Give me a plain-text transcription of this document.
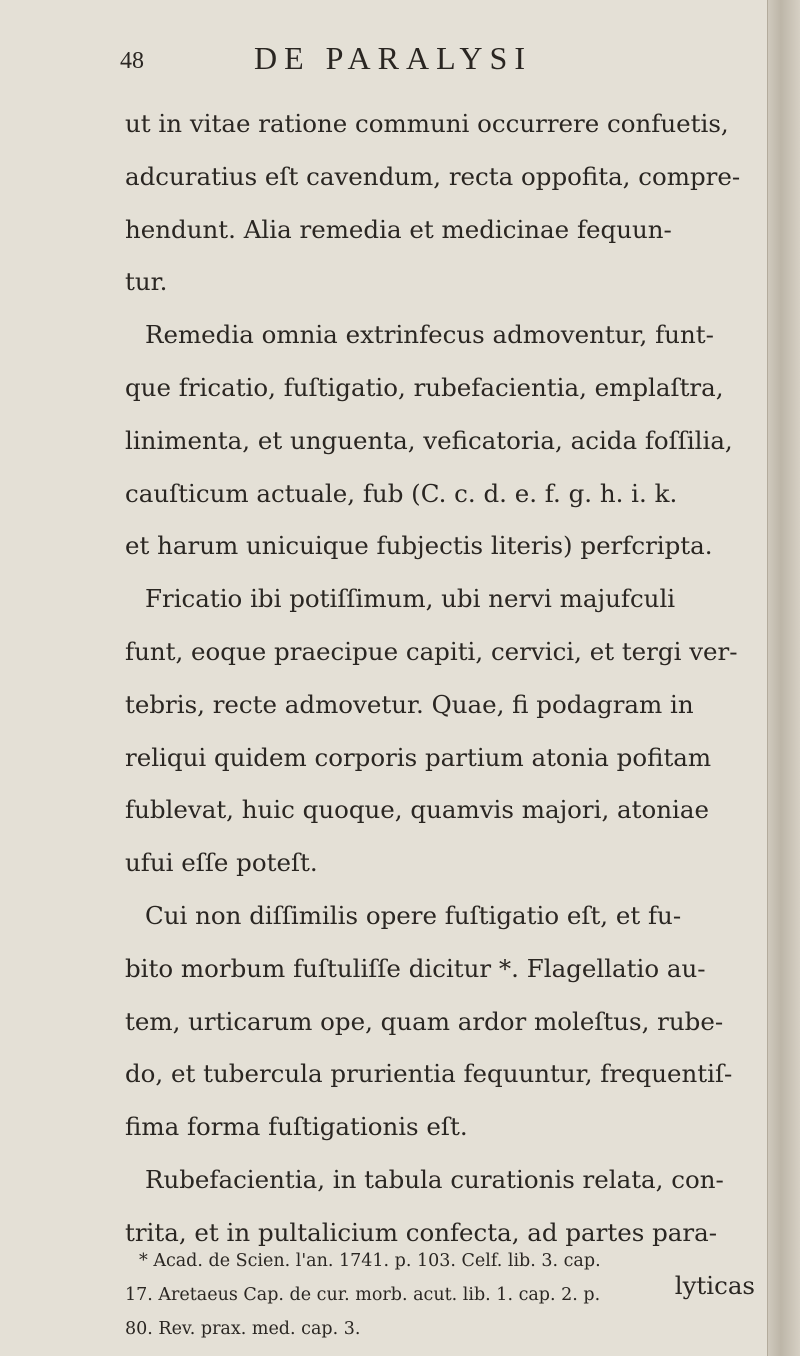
48	DE PARALYSI
ut in vitae ratione communi occurrere confuetis,
adcuratius eſt cavendum, recta oppofita, compre-
hendunt. Alia remedia et medicinae fequun-
tur.
Remedia omnia extrinfecus admoventur, funt-
que fricatio, fuſtigatio, rubefacientia, emplaſtra,
linimenta, et unguenta, veficatoria, acida foſſilia,
cauſticum actuale, fub (C. c. d. e. f. g. h. i. k.
et harum unicuique fubjectis literis) perfcripta.
Fricatio ibi potiſſimum, ubi nervi majufculi
funt, eoque praecipue capiti, cervici, et tergi ver-
tebris, recte admovetur. Quae, fi podagram in
reliqui quidem corporis partium atonia pofitam
fublevat, huic quoque, quamvis majori, atoniae
ufui eſſe poteſt.
Cui non diſſimilis opere fuſtigatio eſt, et fu-
bito morbum fuſtuliſſe dicitur *. Flagellatio au-
tem, urticarum ope, quam ardor moleſtus, rube-
do, et tubercula prurientia fequuntur, frequentiſ-
fima forma fuſtigationis eſt.
Rubefacientia, in tabula curationis relata, con-
trita, et in pultalicium confecta, ad partes para-
lyticas
* Acad. de Scien. l'an. 1741. p. 103. Celf. lib. 3. cap.
17. Aretaeus Cap. de cur. morb. acut. lib. 1. cap. 2. p.
80. Rev. prax. med. cap. 3.
